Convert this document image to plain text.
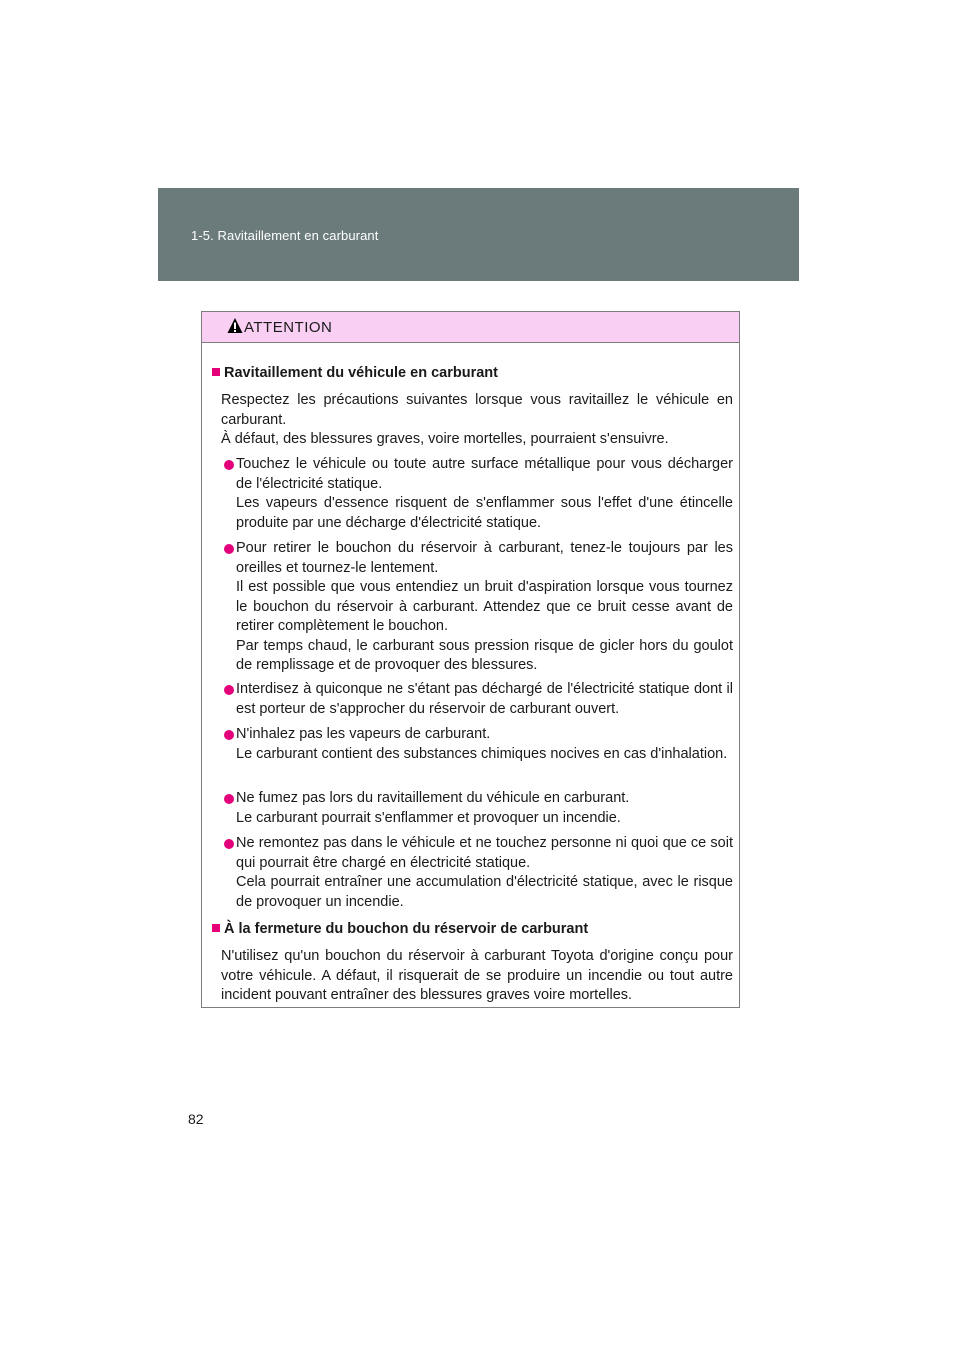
1-5. Ravitaillement en carburant
ATTENTION
Ravitaillement du véhicule en carburant
Respectez les précautions suivantes lorsque vous ravitaillez le véhicule en carburant.
À défaut, des blessures graves, voire mortelles, pourraient s'ensuivre.
Touchez le véhicule ou toute autre surface métallique pour vous décharger de l'électricité statique.
Les vapeurs d'essence risquent de s'enflammer sous l'effet d'une étincelle produite par une décharge d'électricité statique.
Pour retirer le bouchon du réservoir à carburant, tenez-le toujours par les oreilles et tournez-le lentement.
Il est possible que vous entendiez un bruit d'aspiration lorsque vous tournez le bouchon du réservoir à carburant. Attendez que ce bruit cesse avant de retirer complètement le bouchon.
Par temps chaud, le carburant sous pression risque de gicler hors du goulot de remplissage et de provoquer des blessures.
Interdisez à quiconque ne s'étant pas déchargé de l'électricité statique dont il est porteur de s'approcher du réservoir de carburant ouvert.
N'inhalez pas les vapeurs de carburant.
Le carburant contient des substances chimiques nocives en cas d'inhalation.
Ne fumez pas lors du ravitaillement du véhicule en carburant.
Le carburant pourrait s'enflammer et provoquer un incendie.
Ne remontez pas dans le véhicule et ne touchez personne ni quoi que ce soit qui pourrait être chargé en électricité statique.
Cela pourrait entraîner une accumulation d'électricité statique, avec le risque de provoquer un incendie.
À la fermeture du bouchon du réservoir de carburant
N'utilisez qu'un bouchon du réservoir à carburant Toyota d'origine conçu pour votre véhicule. A défaut, il risquerait de se produire un incendie ou tout autre incident pouvant entraîner des blessures graves voire mortelles.
82
